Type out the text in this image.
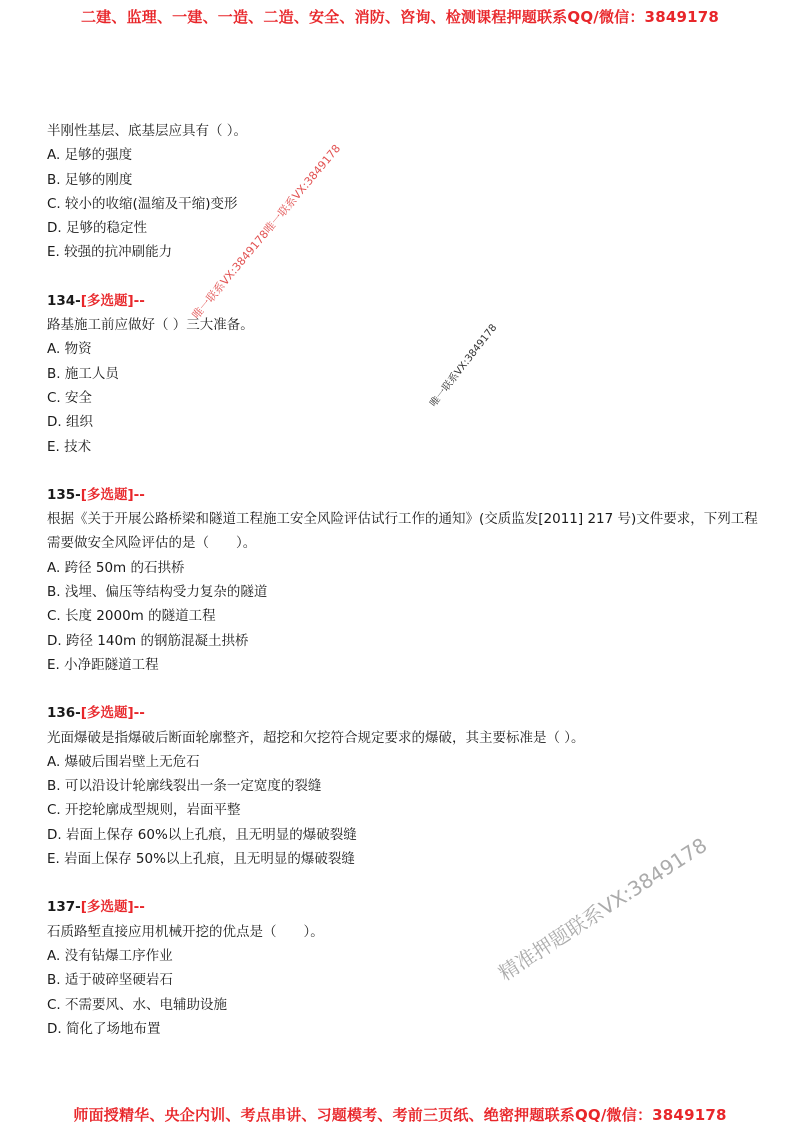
二建、监理、一建、一造、二造、安全、消防、咨询、检测课程押题联系QQ/微信：3849178
半刚性基层、底基层应具有（ ）。
A. 足够的强度
B. 足够的刚度
C. 较小的收缩(温缩及干缩)变形
D. 足够的稳定性
E. 较强的抗冲刷能力
134-[多选题]--
路基施工前应做好（ ）三大准备。
A. 物资
B. 施工人员
C. 安全
D. 组织
E. 技术
135-[多选题]--
根据《关于开展公路桥梁和隧道工程施工安全风险评估试行工作的通知》(交质监发[2011] 217 号)文件要求，下列工程需要做安全风险评估的是（　　）。
A. 跨径 50m 的石拱桥
B. 浅埋、偏压等结构受力复杂的隧道
C. 长度 2000m 的隧道工程
D. 跨径 140m 的钢筋混凝土拱桥
E. 小净距隧道工程
136-[多选题]--
光面爆破是指爆破后断面轮廓整齐，超挖和欠挖符合规定要求的爆破，其主要标准是（ ）。
A. 爆破后围岩壁上无危石
B. 可以沿设计轮廓线裂出一条一定宽度的裂缝
C. 开挖轮廓成型规则，岩面平整
D. 岩面上保存 60%以上孔痕，且无明显的爆破裂缝
E. 岩面上保存 50%以上孔痕，且无明显的爆破裂缝
137-[多选题]--
石质路堑直接应用机械开挖的优点是（　　）。
A. 没有钻爆工序作业
B. 适于破碎坚硬岩石
C. 不需要风、水、电辅助设施
D. 简化了场地布置
唯一联系VX:3849178唯一联系VX:3849178
唯一联系VX:3849178
精准押题联系VX:3849178
师面授精华、央企内训、考点串讲、习题模考、考前三页纸、绝密押题联系QQ/微信：3849178
